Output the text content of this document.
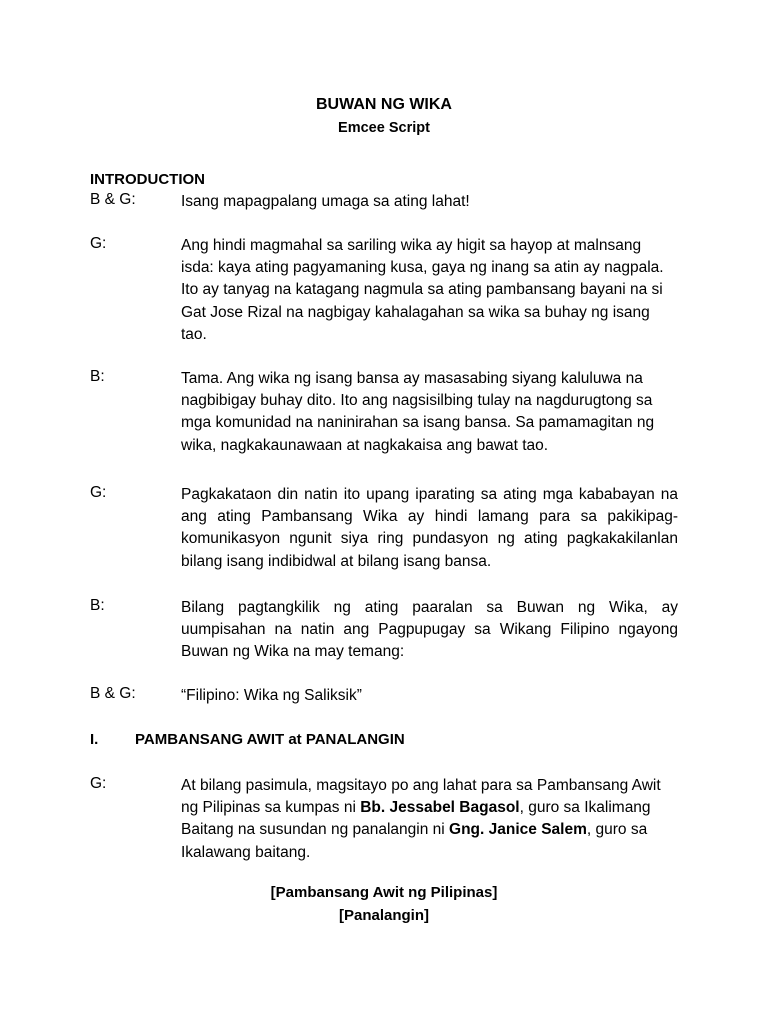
BUWAN NG WIKA
Emcee Script
INTRODUCTION
B & G:	Isang mapagpalang umaga sa ating lahat!
G:	Ang hindi magmahal sa sariling wika ay higit sa hayop at malnsang isda: kaya ating pagyamaning kusa, gaya ng inang sa atin ay nagpala. Ito ay tanyag na katagang nagmula sa ating pambansang bayani na si Gat Jose Rizal na nagbigay kahalagahan sa wika sa buhay ng isang tao.
B:	Tama. Ang wika ng isang bansa ay masasabing siyang kaluluwa na nagbibigay buhay dito. Ito ang nagsisilbing tulay na nagdurugtong sa mga komunidad na naninirahan sa isang bansa. Sa pamamagitan ng wika, nagkakaunawaan at nagkakaisa ang bawat tao.
G:	Pagkakataon din natin ito upang iparating sa ating mga kababayan na ang ating Pambansang Wika ay hindi lamang para sa pakikipag-komunikasyon ngunit siya ring pundasyon ng ating pagkakakilanlan bilang isang indibidwal at bilang isang bansa.
B:	Bilang pagtangkilik ng ating paaralan sa Buwan ng Wika, ay uumpisahan na natin ang Pagpupugay sa Wikang Filipino ngayong Buwan ng Wika na may temang:
B & G:	“Filipino: Wika ng Saliksik”
I. PAMBANSANG AWIT at PANALANGIN
G:	At bilang pasimula, magsitayo po ang lahat para sa Pambansang Awit ng Pilipinas sa kumpas ni Bb. Jessabel Bagasol, guro sa Ikalimang Baitang na susundan ng panalangin ni Gng. Janice Salem, guro sa Ikalawang baitang.
[Pambansang Awit ng Pilipinas]
[Panalangin]
